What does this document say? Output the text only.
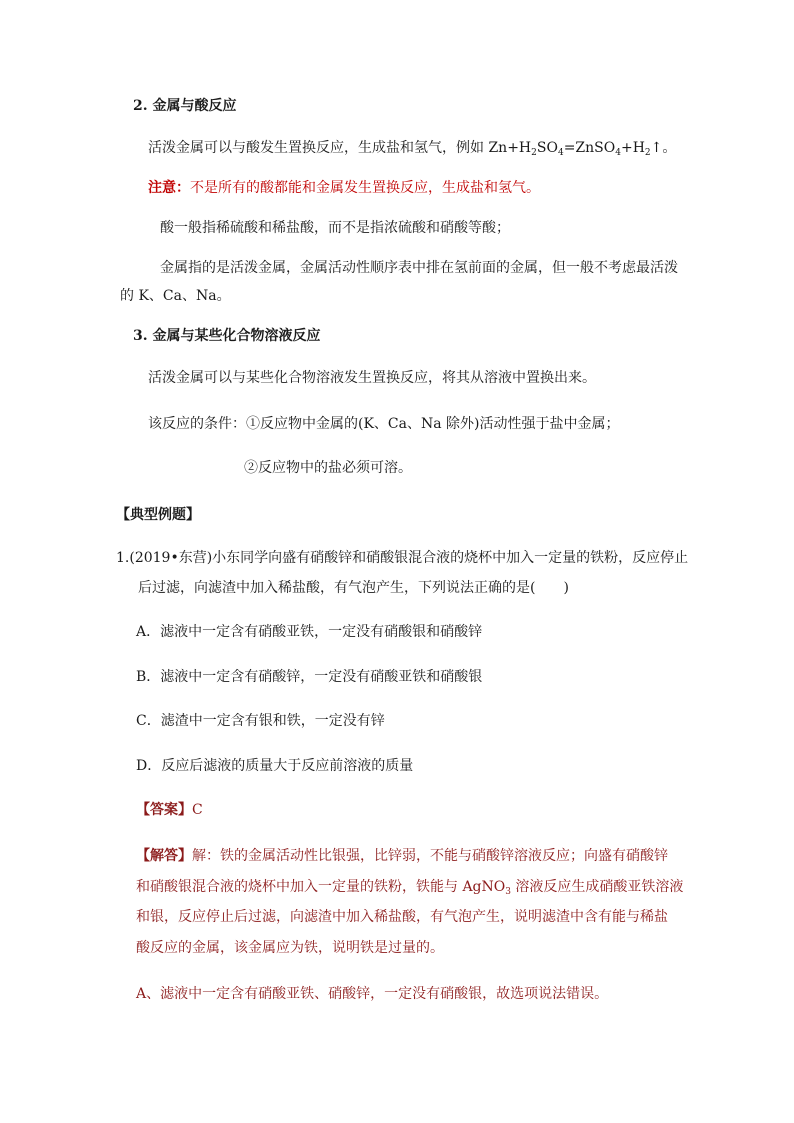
2. 金属与酸反应
活泼金属可以与酸发生置换反应，生成盐和氢气，例如 $Zn+H_2SO_4=ZnSO_4+H_2↑$。
注意：不是所有的酸都能和金属发生置换反应，生成盐和氢气。
酸一般指稀硫酸和稀盐酸，而不是指浓硫酸和硝酸等酸；
金属指的是活泼金属，金属活动性顺序表中排在氢前面的金属，但一般不考虑最活泼
的 K、Ca、Na。
3. 金属与某些化合物溶液反应
活泼金属可以与某些化合物溶液发生置换反应，将其从溶液中置换出来。
该反应的条件：①反应物中金属的(K、Ca、Na 除外)活动性强于盐中金属；
②反应物中的盐必须可溶。
【典型例题】
1.(2019•东营)小东同学向盛有硝酸锌和硝酸银混合液的烧杯中加入一定量的铁粉，反应停止
后过滤，向滤渣中加入稀盐酸，有气泡产生，下列说法正确的是(　　)
A．滤液中一定含有硝酸亚铁，一定没有硝酸银和硝酸锌
B．滤液中一定含有硝酸锌，一定没有硝酸亚铁和硝酸银
C．滤渣中一定含有银和铁，一定没有锌
D．反应后滤液的质量大于反应前溶液的质量
【答案】C
【解答】解：铁的金属活动性比银强，比锌弱，不能与硝酸锌溶液反应；向盛有硝酸锌
和硝酸银混合液的烧杯中加入一定量的铁粉，铁能与 AgNO$_3$ 溶液反应生成硝酸亚铁溶液
和银，反应停止后过滤，向滤渣中加入稀盐酸，有气泡产生，说明滤渣中含有能与稀盐
酸反应的金属，该金属应为铁，说明铁是过量的。
A、滤液中一定含有硝酸亚铁、硝酸锌，一定没有硝酸银，故选项说法错误。
